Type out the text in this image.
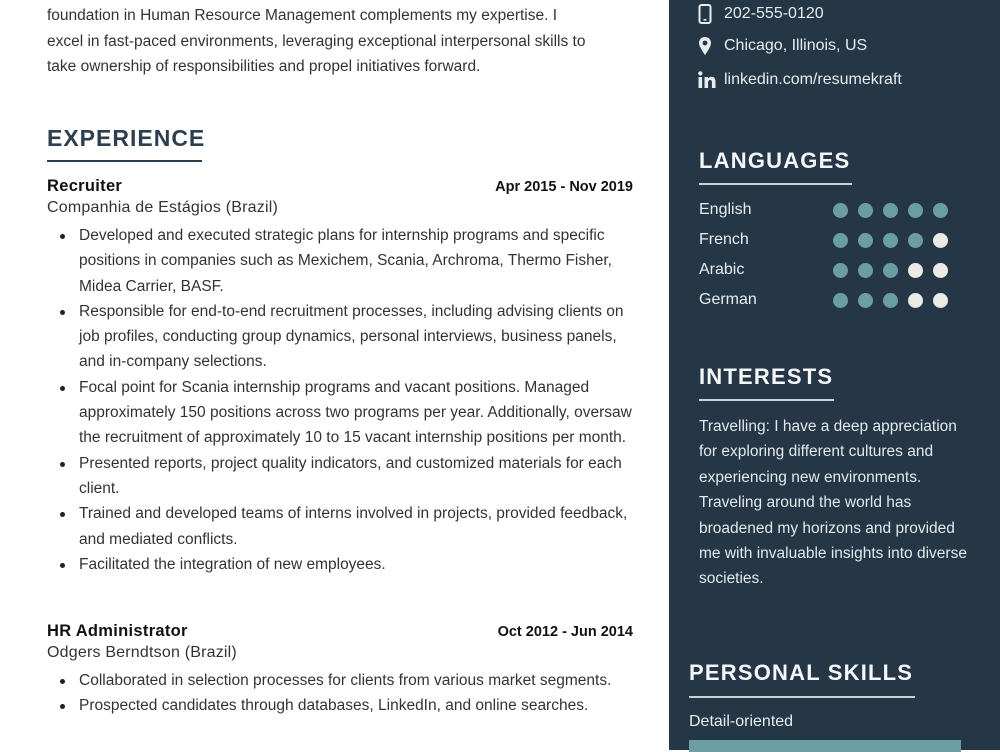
foundation in Human Resource Management complements my expertise. I
excel in fast-paced environments, leveraging exceptional interpersonal skills to
take ownership of responsibilities and propel initiatives forward.
EXPERIENCE
Recruiter	Apr 2015 - Nov 2019
Companhia de Estágios (Brazil)
Developed and executed strategic plans for internship programs and specific positions in companies such as Mexichem, Scania, Archroma, Thermo Fisher, Midea Carrier, BASF.
Responsible for end-to-end recruitment processes, including advising clients on job profiles, conducting group dynamics, personal interviews, business panels, and in-company selections.
Focal point for Scania internship programs and vacant positions. Managed approximately 150 positions across two programs per year. Additionally, oversaw the recruitment of approximately 10 to 15 vacant internship positions per month.
Presented reports, project quality indicators, and customized materials for each client.
Trained and developed teams of interns involved in projects, provided feedback, and mediated conflicts.
Facilitated the integration of new employees.
HR Administrator	Oct 2012 - Jun 2014
Odgers Berndtson (Brazil)
Collaborated in selection processes for clients from various market segments.
Prospected candidates through databases, LinkedIn, and online searches.
202-555-0120
Chicago, Illinois, US
linkedin.com/resumekraft
LANGUAGES
English
French
Arabic
German
INTERESTS
Travelling: I have a deep appreciation for exploring different cultures and experiencing new environments. Traveling around the world has broadened my horizons and provided me with invaluable insights into diverse societies.
PERSONAL SKILLS
Detail-oriented
